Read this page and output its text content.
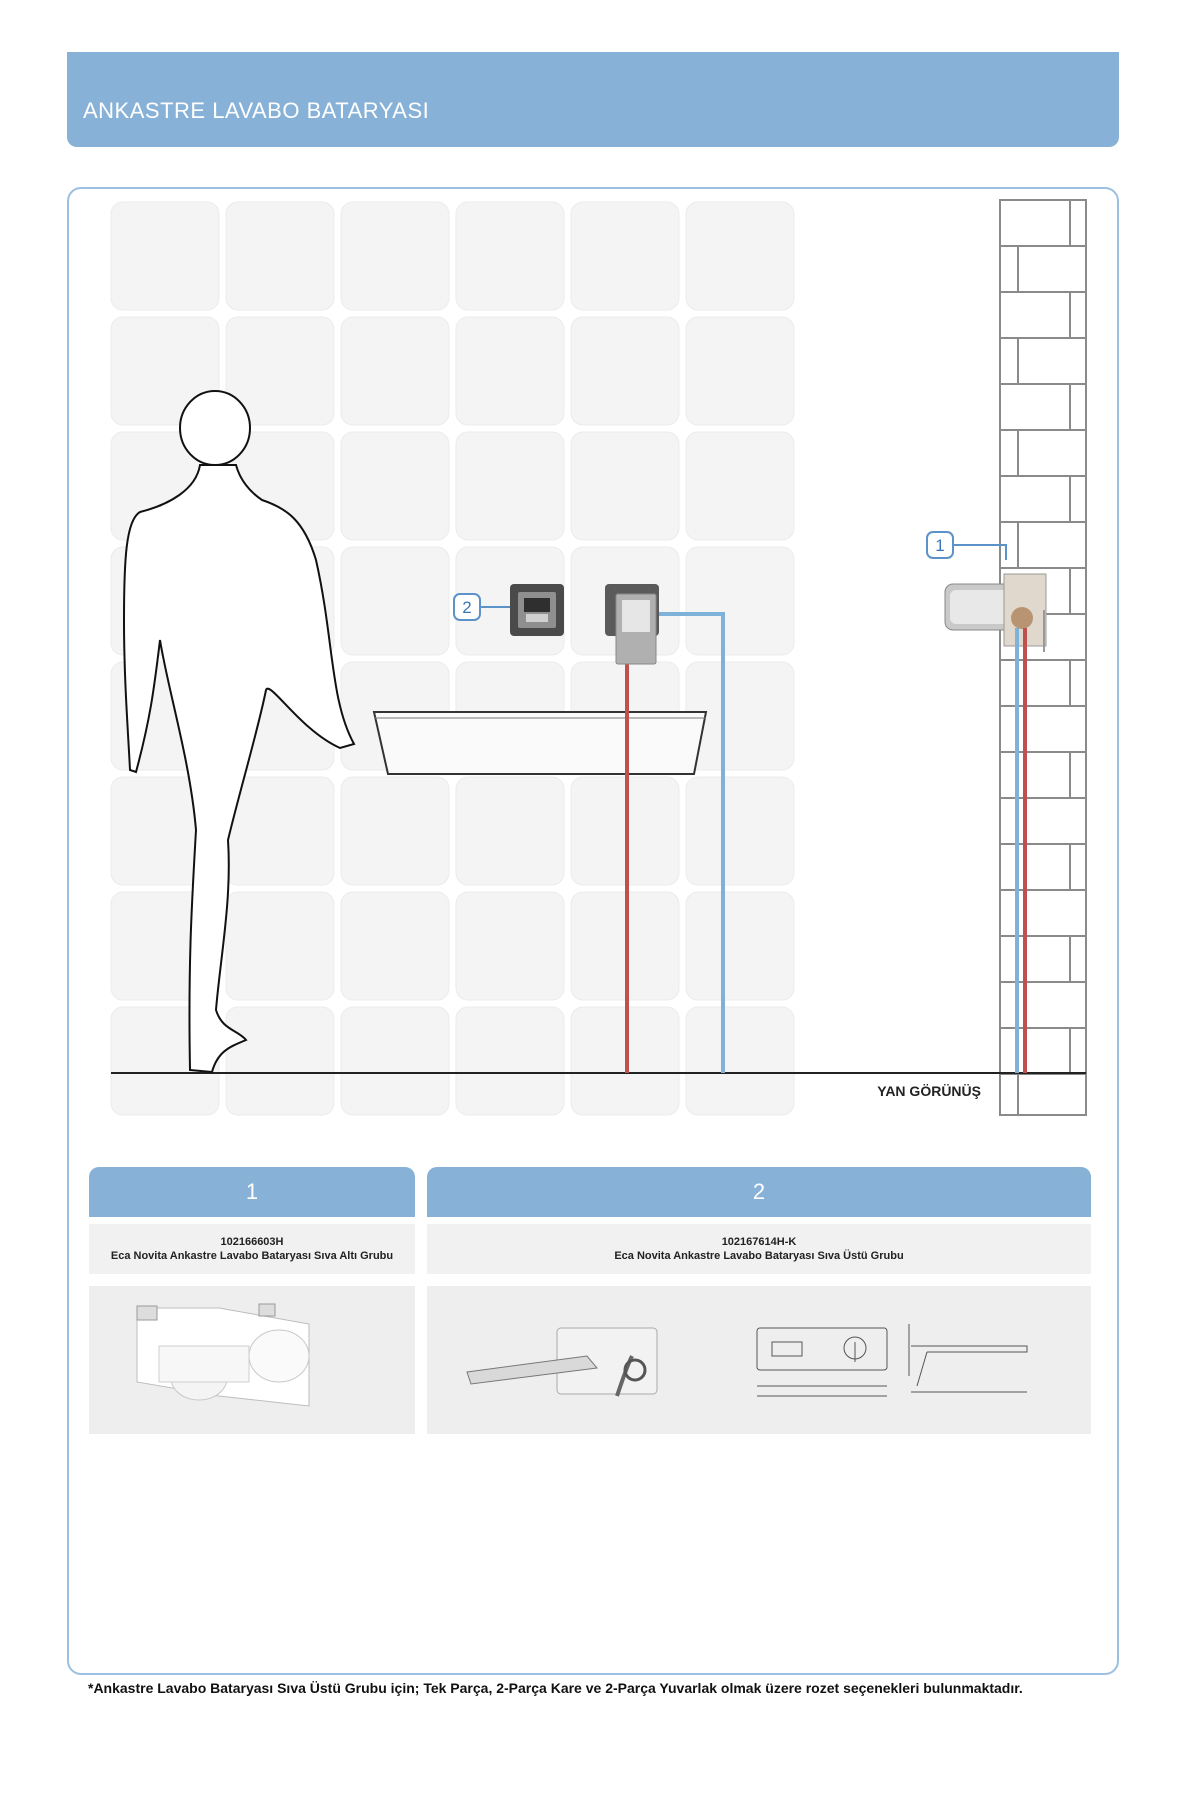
ANKASTRE LAVABO BATARYASI
2
1
YAN GÖRÜNÜŞ
1	2
102166603H
Eca Novita Ankastre Lavabo Bataryası Sıva Altı Grubu
102167614H-K
Eca Novita Ankastre Lavabo Bataryası Sıva Üstü Grubu
*Ankastre Lavabo Bataryası Sıva Üstü Grubu için; Tek Parça, 2-Parça Kare ve 2-Parça Yuvarlak olmak üzere rozet seçenekleri bulunmaktadır.
